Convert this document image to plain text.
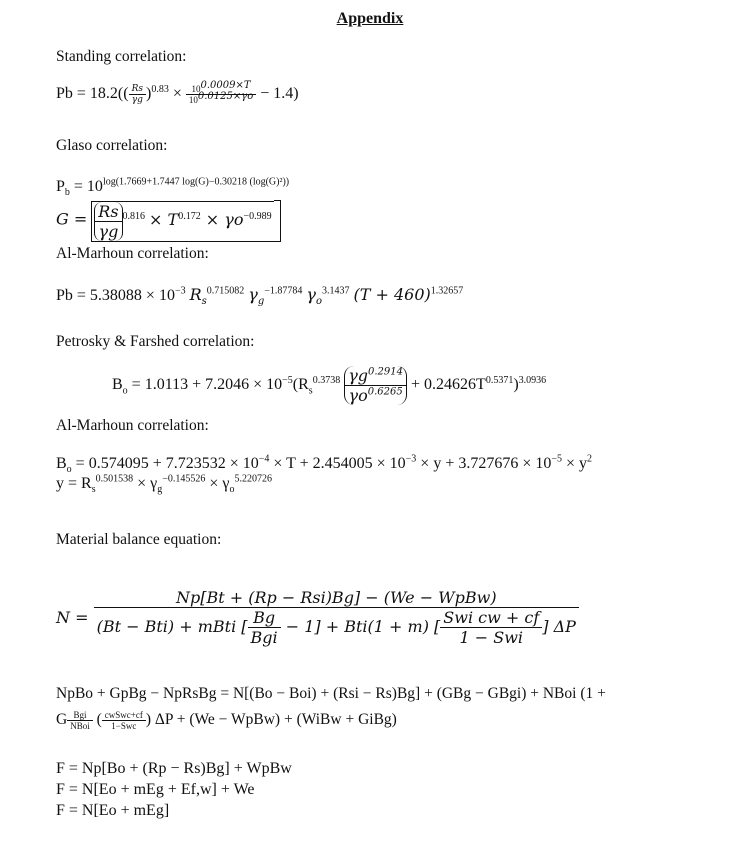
Appendix
Standing correlation:
$Pb = 18.2(( \frac{Rs}{\gamma g} )^{0.83} \times \frac{10^{0.0009\times T}}{10^{0.0125\times\gamma o}} - 1.4)$
Glaso correlation:
$P_b = 10^{log(1.7669+1.7447 log(G)-0.30218 (log(G)^2))}$
$G = \frac{Rs}{\gamma g} ^{0.816} \times T^{0.172} \times \gamma o^{-0.989}$
Al-Marhoun correlation:
$Pb = 5.38088 \times 10^{-3}$ $R_s^{0.715082}$ $\gamma_g^{-1.87784}$ $\gamma_o^{3.1437}$ $(T + 460)^{1.32657}$
Petrosky & Farshed correlation:
$B_o = 1.0113 + 7.2046 \times 10^{-5}(R_s^{0.3738} \frac{\gamma g^{0.2914}}{\gamma o^{0.6265}} + 0.24626T^{0.5371})^{3.0936}$
Al-Marhoun correlation:
$B_o = 0.574095 + 7.723532 \times 10^{-4} \times T + 2.454005 \times 10^{-3} \times y + 3.727676 \times 10^{-5} \times y^2$
$y = R_s^{0.501538} \times \gamma_g^{-0.145526} \times \gamma_o^{5.220726}$
Material balance equation:
N =
Np[Bt + (Rp − Rsi)Bg] − (We − WpBw)
(Bt − Bti) + mBti [ $\frac{Bg}{\text{Bgi}} - 1] + Bti(1 + m)$ [ $\frac{\text{Swi cw + cf}}{\text{1 − Swi}}$ ] ΔP
NpBo + GpBg − NpRsBg = N[(Bo − Boi) + (Rsi − Rs)Bg] + (GBg − GBgi) + NBoi (1 +
G $\frac{\text{Bgi}}{\text{NBoi}}$ ( $\frac{\text{cwSwc+cf}}{\text{1−Swc}}$ ) ΔP + (We − WpBw) + (WiBw + GiBg)
F = Np[Bo + (Rp − Rs)Bg] + WpBw
F = N[Eo + mEg + Ef,w] + We
F = N[Eo + mEg]
